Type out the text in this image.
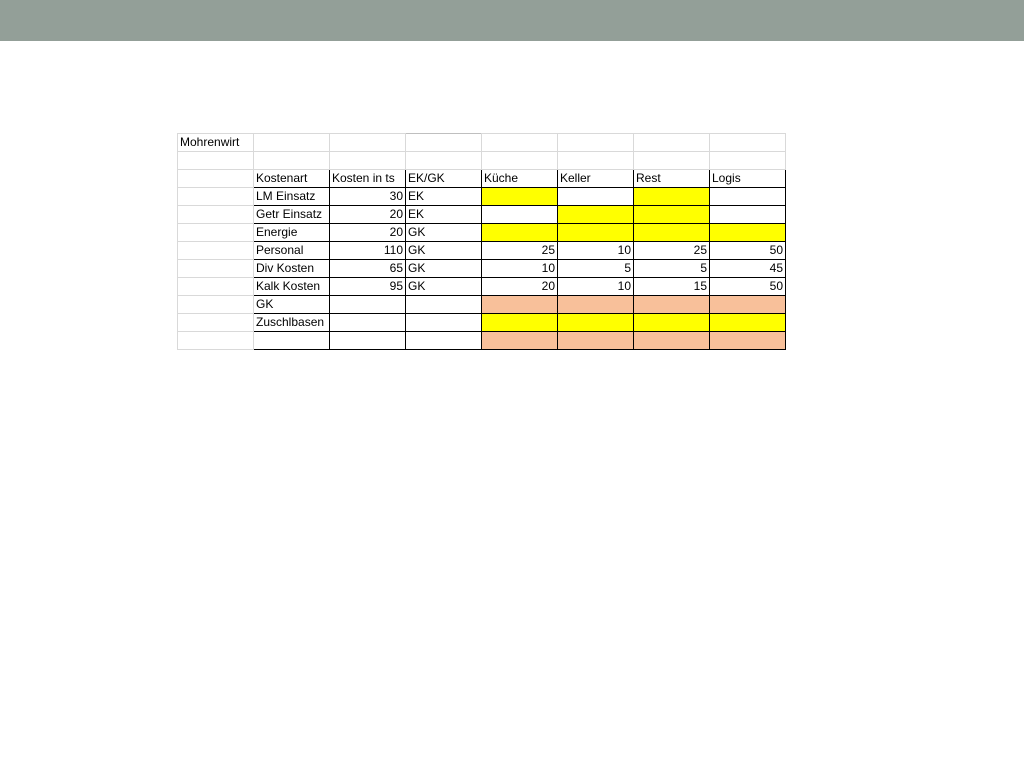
Mohrenwirt							

	Kostenart	Kosten in ts	EK/GK	Küche	Keller	Rest	Logis
	LM Einsatz	30	EK				
	Getr Einsatz	20	EK				
	Energie	20	GK				
	Personal	110	GK	25	10	25	50
	Div Kosten	65	GK	10	5	5	45
	Kalk Kosten	95	GK	20	10	15	50
	GK						
	Zuschlbasen						
